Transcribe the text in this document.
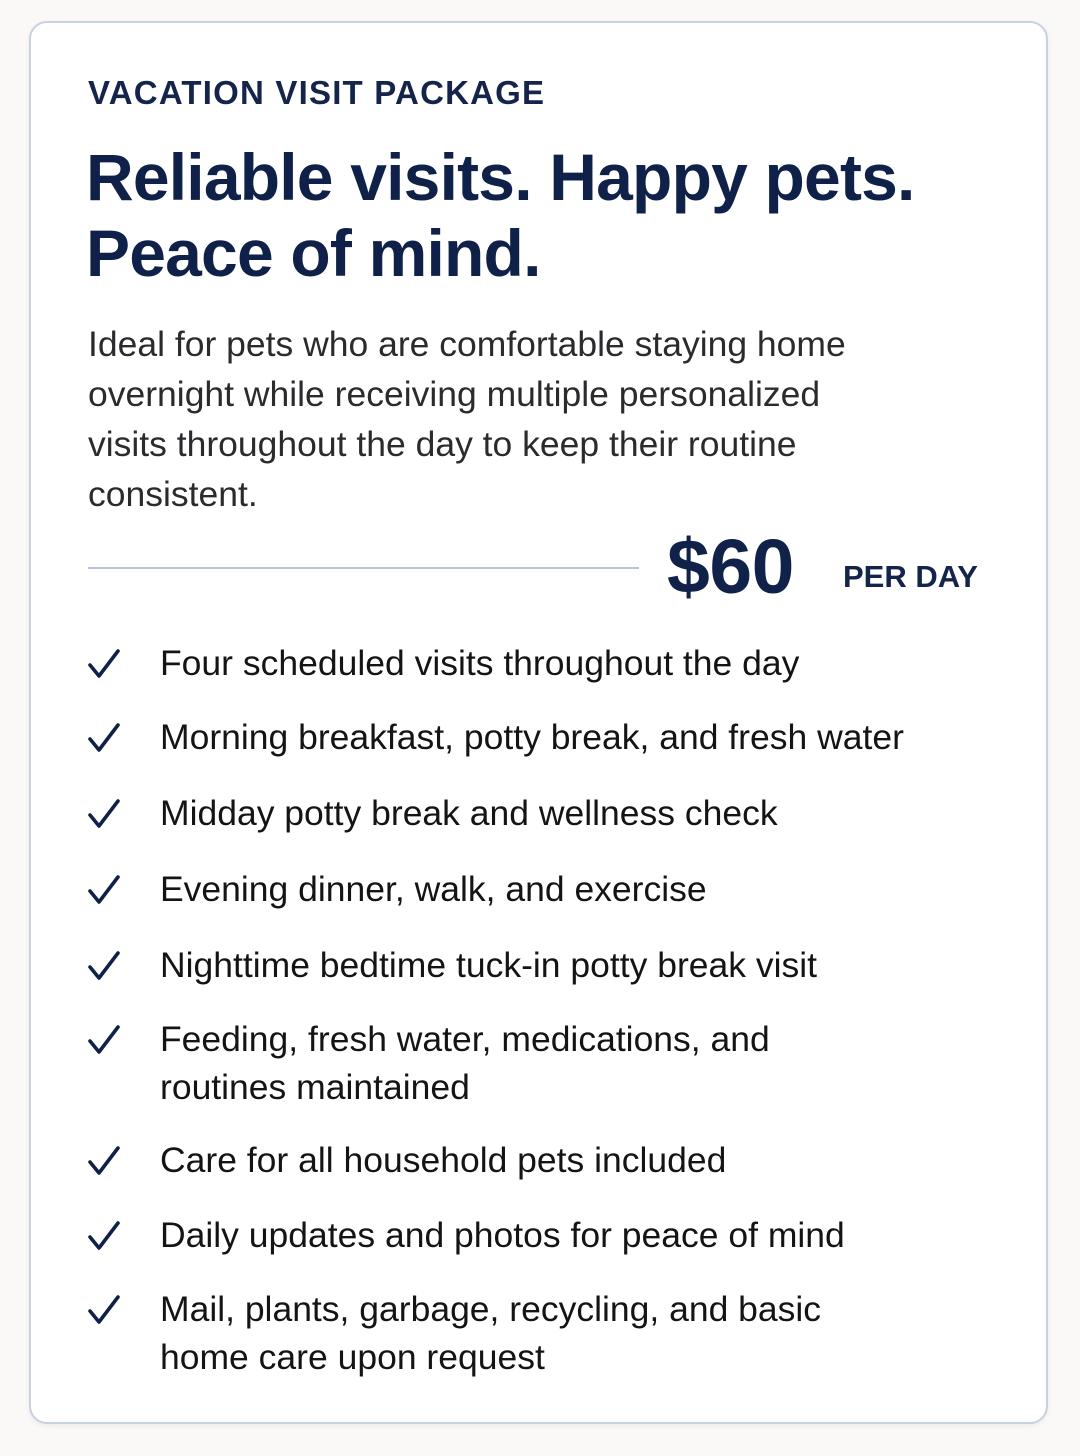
VACATION VISIT PACKAGE
Reliable visits. Happy pets.
Peace of mind.

Ideal for pets who are comfortable staying home
overnight while receiving multiple personalized
visits throughout the day to keep their routine
consistent.

$60 PER DAY
Four scheduled visits throughout the day
Morning breakfast, potty break, and fresh water
Midday potty break and wellness check
Evening dinner, walk, and exercise
Nighttime bedtime tuck-in potty break visit
Feeding, fresh water, medications, and routines maintained
Care for all household pets included
Daily updates and photos for peace of mind
Mail, plants, garbage, recycling, and basic home care upon request
